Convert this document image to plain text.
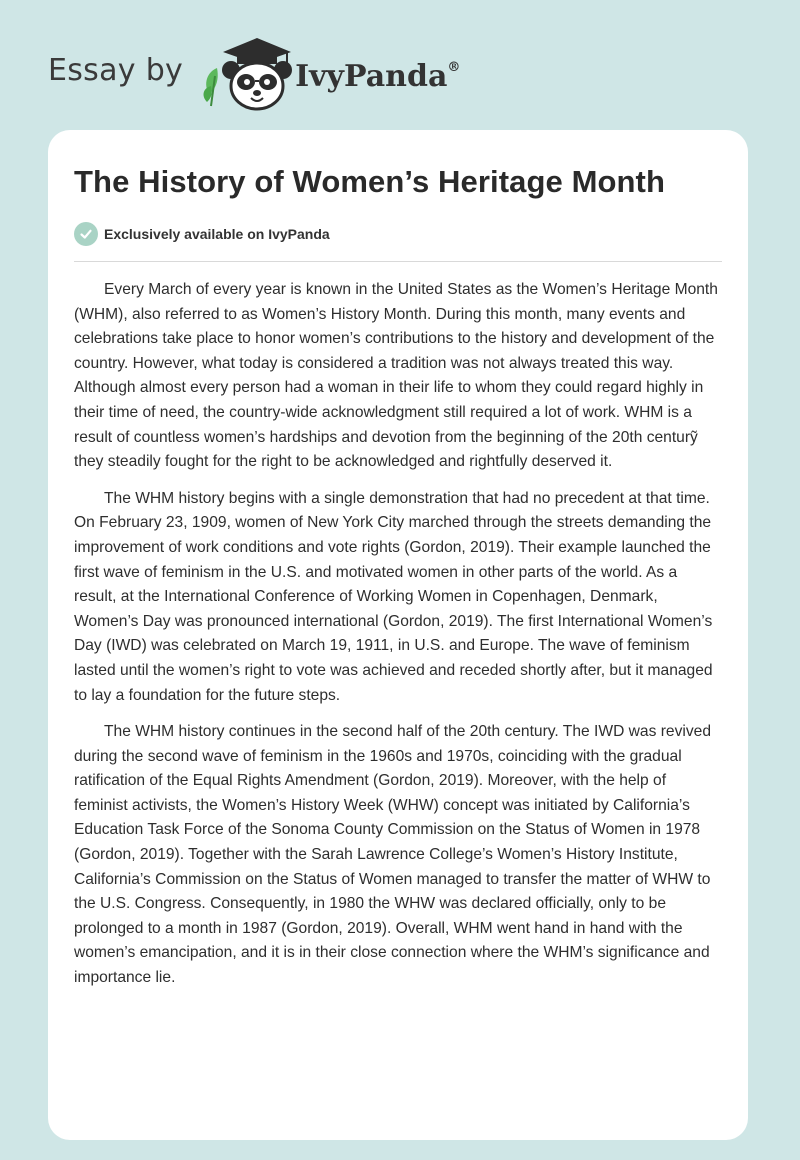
Essay by	IvyPanda®
The History of Women’s Heritage Month
Exclusively available on IvyPanda

Every March of every year is known in the United States as the Women’s Heritage Month (WHM), also referred to as Women’s History Month. During this month, many events and celebrations take place to honor women’s contributions to the history and development of the country. However, what today is considered a tradition was not always treated this way. Although almost every person had a woman in their life to whom they could regard highly in their time of need, the country-wide acknowledgment still required a lot of work. WHM is a result of countless women’s hardships and devotion from the beginning of the 20th centurỹ they steadily fought for the right to be acknowledged and rightfully deserved it.

The WHM history begins with a single demonstration that had no precedent at that time. On February 23, 1909, women of New York City marched through the streets demanding the improvement of work conditions and vote rights (Gordon, 2019). Their example launched the first wave of feminism in the U.S. and motivated women in other parts of the world. As a result, at the International Conference of Working Women in Copenhagen, Denmark, Women’s Day was pronounced international (Gordon, 2019). The first International Women’s Day (IWD) was celebrated on March 19, 1911, in U.S. and Europe. The wave of feminism lasted until the women’s right to vote was achieved and receded shortly after, but it managed to lay a foundation for the future steps.

The WHM history continues in the second half of the 20th century. The IWD was revived during the second wave of feminism in the 1960s and 1970s, coinciding with the gradual ratification of the Equal Rights Amendment (Gordon, 2019). Moreover, with the help of feminist activists, the Women’s History Week (WHW) concept was initiated by California’s Education Task Force of the Sonoma County Commission on the Status of Women in 1978 (Gordon, 2019). Together with the Sarah Lawrence College’s Women’s History Institute, California’s Commission on the Status of Women managed to transfer the matter of WHW to the U.S. Congress. Consequently, in 1980 the WHW was declared officially, only to be prolonged to a month in 1987 (Gordon, 2019). Overall, WHM went hand in hand with the women’s emancipation, and it is in their close connection where the WHM’s significance and importance lie.
